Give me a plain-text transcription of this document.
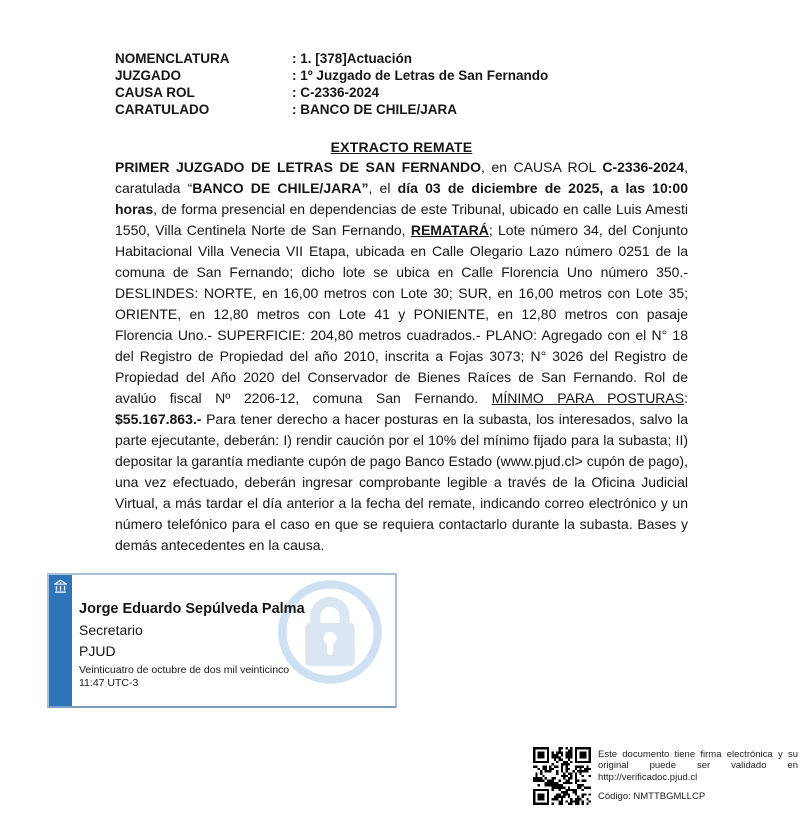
NOMENCLATURA	: 1. [378]Actuación
JUZGADO	: 1º Juzgado de Letras de San Fernando
CAUSA ROL	: C-2336-2024
CARATULADO	: BANCO DE CHILE/JARA
EXTRACTO REMATE

PRIMER JUZGADO DE LETRAS DE SAN FERNANDO, en CAUSA ROL C-2336-2024, caratulada “BANCO DE CHILE/JARA”, el día 03 de diciembre de 2025, a las 10:00 horas, de forma presencial en dependencias de este Tribunal, ubicado en calle Luis Amesti 1550, Villa Centinela Norte de San Fernando, REMATARÁ; Lote número 34, del Conjunto Habitacional Villa Venecia VII Etapa, ubicada en Calle Olegario Lazo número 0251 de la comuna de San Fernando; dicho lote se ubica en Calle Florencia Uno número 350.- DESLINDES: NORTE, en 16,00 metros con Lote 30; SUR, en 16,00 metros con Lote 35; ORIENTE, en 12,80 metros con Lote 41 y PONIENTE, en 12,80 metros con pasaje Florencia Uno.- SUPERFICIE: 204,80 metros cuadrados.- PLANO: Agregado con el N° 18 del Registro de Propiedad del año 2010, inscrita a Fojas 3073; N° 3026 del Registro de Propiedad del Año 2020 del Conservador de Bienes Raíces de San Fernando. Rol de avalúo fiscal Nº 2206-12, comuna San Fernando. MÍNIMO PARA POSTURAS: $55.167.863.- Para tener derecho a hacer posturas en la subasta, los interesados, salvo la parte ejecutante, deberán: I) rendir caución por el 10% del mínimo fijado para la subasta; II) depositar la garantía mediante cupón de pago Banco Estado (www.pjud.cl> cupón de pago), una vez efectuado, deberán ingresar comprobante legible a través de la Oficina Judicial Virtual, a más tardar el día anterior a la fecha del remate, indicando correo electrónico y un número telefónico para el caso en que se requiera contactarlo durante la subasta. Bases y demás antecedentes en la causa.

Jorge Eduardo Sepúlveda Palma
Secretario
PJUD
Veinticuatro de octubre de dos mil veinticinco
11:47 UTC-3

Este documento tiene firma electrónica y su original puede ser validado en http://verificadoc.pjud.cl

Código: NMTTBGMLLCP
